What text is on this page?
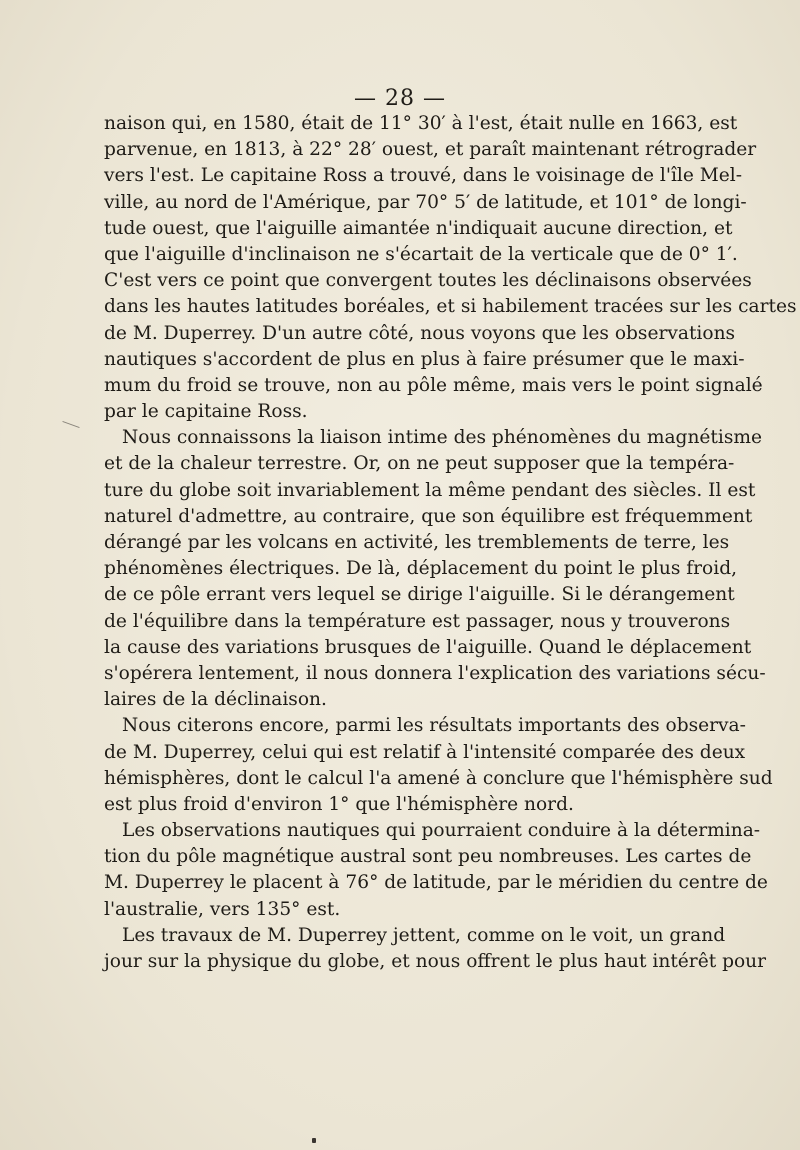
— 28 —
naison qui, en 1580, était de 11° 30′ à l'est, était nulle en 1663, est
parvenue, en 1813, à 22° 28′ ouest, et paraît maintenant rétrograder
vers l'est. Le capitaine Ross a trouvé, dans le voisinage de l'île Mel-
ville, au nord de l'Amérique, par 70° 5′ de latitude, et 101° de longi-
tude ouest, que l'aiguille aimantée n'indiquait aucune direction, et
que l'aiguille d'inclinaison ne s'écartait de la verticale que de 0° 1′.
C'est vers ce point que convergent toutes les déclinaisons observées
dans les hautes latitudes boréales, et si habilement tracées sur les cartes
de M. Duperrey. D'un autre côté, nous voyons que les observations
nautiques s'accordent de plus en plus à faire présumer que le maxi-
mum du froid se trouve, non au pôle même, mais vers le point signalé
par le capitaine Ross.
Nous connaissons la liaison intime des phénomènes du magnétisme
et de la chaleur terrestre. Or, on ne peut supposer que la tempéra-
ture du globe soit invariablement la même pendant des siècles. Il est
naturel d'admettre, au contraire, que son équilibre est fréquemment
dérangé par les volcans en activité, les tremblements de terre, les
phénomènes électriques. De là, déplacement du point le plus froid,
de ce pôle errant vers lequel se dirige l'aiguille. Si le dérangement
de l'équilibre dans la température est passager, nous y trouverons
la cause des variations brusques de l'aiguille. Quand le déplacement
s'opérera lentement, il nous donnera l'explication des variations sécu-
laires de la déclinaison.
Nous citerons encore, parmi les résultats importants des observa-
de M. Duperrey, celui qui est relatif à l'intensité comparée des deux
hémisphères, dont le calcul l'a amené à conclure que l'hémisphère sud
est plus froid d'environ 1° que l'hémisphère nord.
Les observations nautiques qui pourraient conduire à la détermina-
tion du pôle magnétique austral sont peu nombreuses. Les cartes de
M. Duperrey le placent à 76° de latitude, par le méridien du centre de
l'australie, vers 135° est.
Les travaux de M. Duperrey jettent, comme on le voit, un grand
jour sur la physique du globe, et nous offrent le plus haut intérêt pour
